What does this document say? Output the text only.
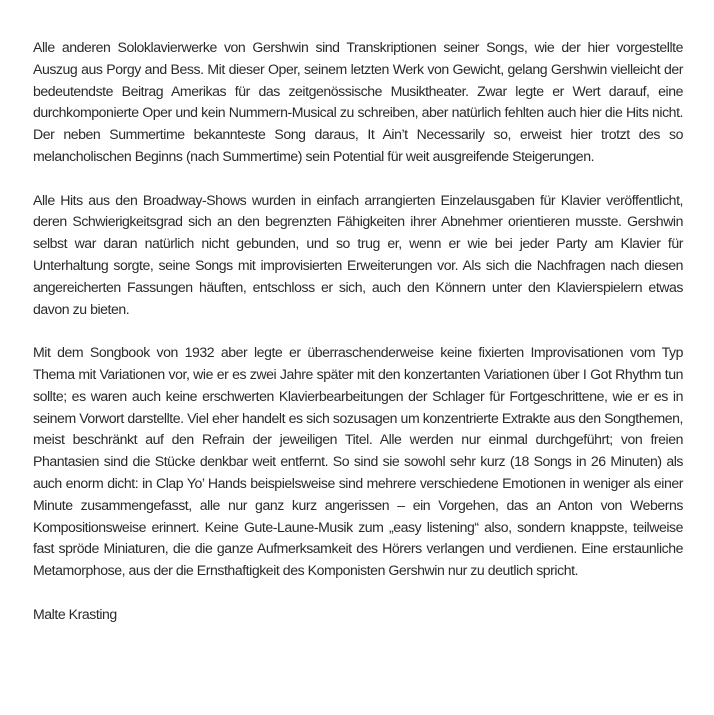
Alle anderen Soloklavierwerke von Gershwin sind Transkriptionen seiner Songs, wie der hier vorgestellte Auszug aus Porgy and Bess. Mit dieser Oper, seinem letzten Werk von Gewicht, gelang Gershwin vielleicht der bedeutendste Beitrag Amerikas für das zeitgenössische Musiktheater. Zwar legte er Wert darauf, eine durchkomponierte Oper und kein Nummern-Musical zu schreiben, aber natürlich fehlten auch hier die Hits nicht. Der neben Summertime bekannteste Song daraus, It Ain’t Necessarily so, erweist hier trotzt des so melancholischen Beginns (nach Summertime) sein Potential für weit ausgreifende Steigerungen.

Alle Hits aus den Broadway-Shows wurden in einfach arrangierten Einzelausgaben für Klavier veröffentlicht, deren Schwierigkeitsgrad sich an den begrenzten Fähigkeiten ihrer Abnehmer orientieren musste. Gershwin selbst war daran natürlich nicht gebunden, und so trug er, wenn er wie bei jeder Party am Klavier für Unterhaltung sorgte, seine Songs mit improvisierten Erweiterungen vor. Als sich die Nachfragen nach diesen angereicherten Fassungen häuften, entschloss er sich, auch den Könnern unter den Klavierspielern etwas davon zu bieten.

Mit dem Songbook von 1932 aber legte er überraschenderweise keine fixierten Improvisationen vom Typ Thema mit Variationen vor, wie er es zwei Jahre später mit den konzertanten Variationen über I Got Rhythm tun sollte; es waren auch keine erschwerten Klavierbearbeitungen der Schlager für Fortgeschrittene, wie er es in seinem Vorwort darstellte. Viel eher handelt es sich sozusagen um konzentrierte Extrakte aus den Songthemen, meist beschränkt auf den Refrain der jeweiligen Titel. Alle werden nur einmal durchgeführt; von freien Phantasien sind die Stücke denkbar weit entfernt. So sind sie sowohl sehr kurz (18 Songs in 26 Minuten) als auch enorm dicht: in Clap Yo’ Hands beispielsweise sind mehrere verschiedene Emotionen in weniger als einer Minute zusammengefasst, alle nur ganz kurz angerissen – ein Vorgehen, das an Anton von Weberns Kompositionsweise erinnert. Keine Gute-Laune-Musik zum „easy listening“ also, sondern knappste, teilweise fast spröde Miniaturen, die die ganze Aufmerksamkeit des Hörers verlangen und verdienen. Eine erstaunliche Metamorphose, aus der die Ernsthaftigkeit des Komponisten Gershwin nur zu deutlich spricht.

Malte Krasting
